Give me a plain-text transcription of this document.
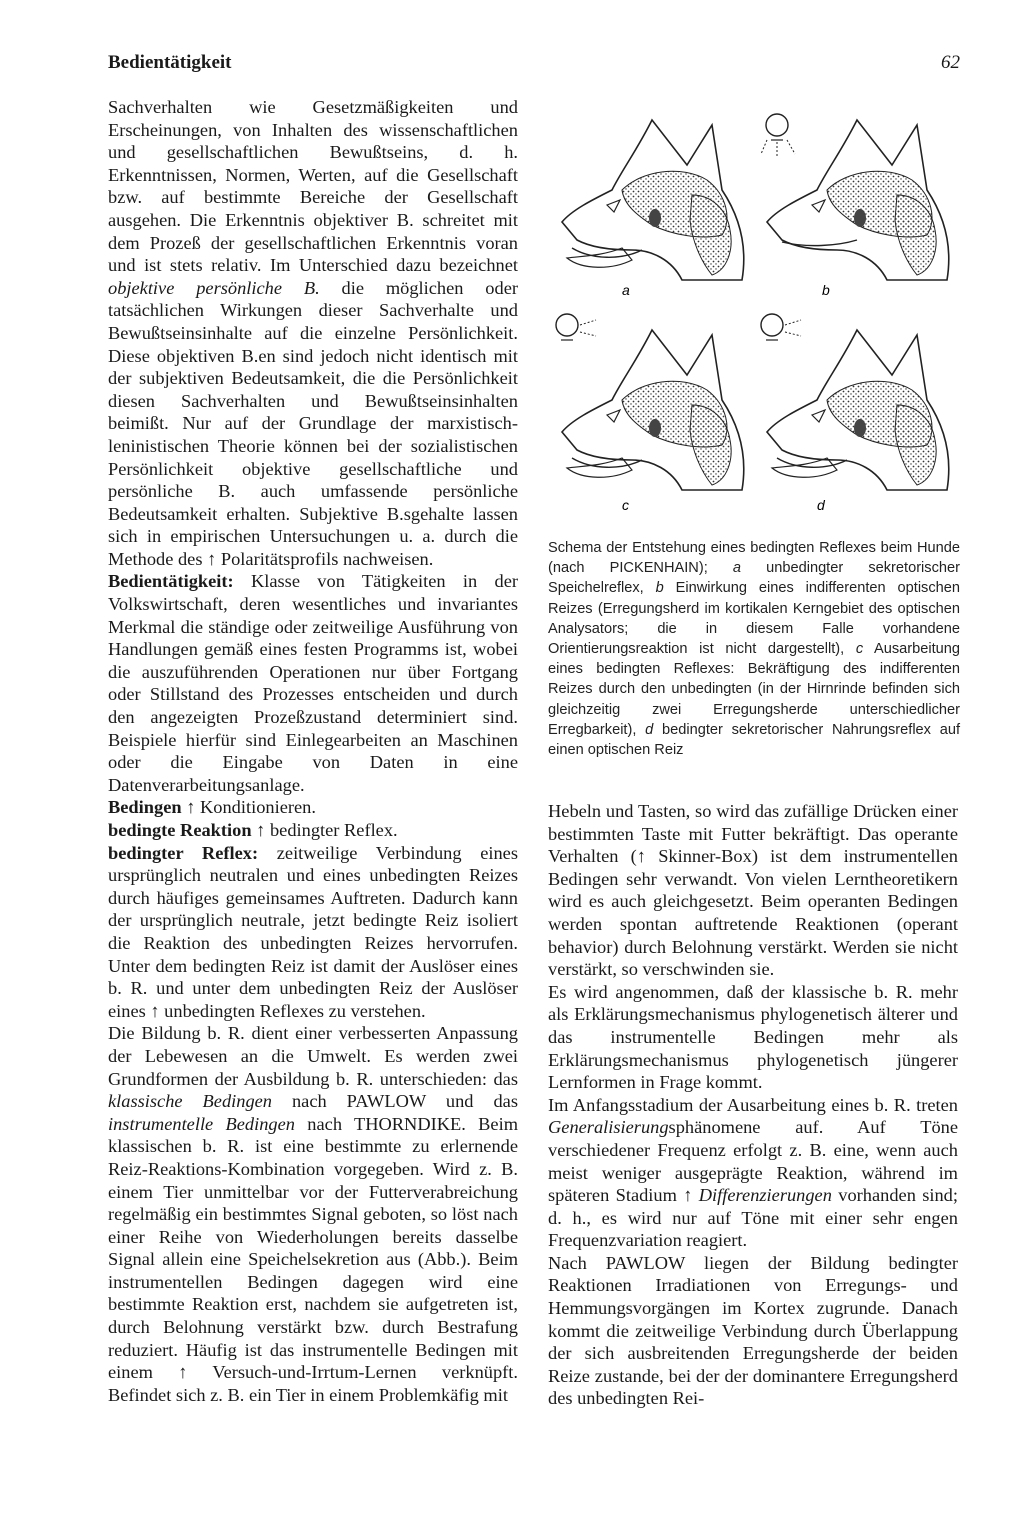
Bedientätigkeit	62

Sachverhalten wie Gesetzmäßigkeiten und Erscheinungen, von Inhalten des wissenschaftlichen und gesellschaftlichen Bewußtseins, d. h. Erkenntnissen, Normen, Werten, auf die Gesellschaft bzw. auf bestimmte Bereiche der Gesellschaft ausgehen. Die Erkenntnis objektiver B. schreitet mit dem Prozeß der gesellschaftlichen Erkenntnis voran und ist stets relativ. Im Unterschied dazu bezeichnet objektive persönliche B. die möglichen oder tatsächlichen Wirkungen dieser Sachverhalte und Bewußtseinsinhalte auf die einzelne Persönlichkeit. Diese objektiven B.en sind jedoch nicht identisch mit der subjektiven Bedeutsamkeit, die die Persönlichkeit diesen Sachverhalten und Bewußtseinsinhalten beimißt. Nur auf der Grundlage der marxistisch-leninistischen Theorie können bei der sozialistischen Persönlichkeit objektive gesellschaftliche und persönliche B. auch umfassende persönliche Bedeutsamkeit erhalten. Subjektive B.sgehalte lassen sich in empirischen Untersuchungen u. a. durch die Methode des ↑ Polaritätsprofils nachweisen.

Bedientätigkeit: Klasse von Tätigkeiten in der Volkswirtschaft, deren wesentliches und invariantes Merkmal die ständige oder zeitweilige Ausführung von Handlungen gemäß eines festen Programms ist, wobei die auszuführenden Operationen nur über Fortgang oder Stillstand des Prozesses entscheiden und durch den angezeigten Prozeßzustand determiniert sind. Beispiele hierfür sind Einlegearbeiten an Maschinen oder die Eingabe von Daten in eine Datenverarbeitungsanlage.

Bedingen ↑ Konditionieren.

bedingte Reaktion ↑ bedingter Reflex.

bedingter Reflex: zeitweilige Verbindung eines ursprünglich neutralen und eines unbedingten Reizes durch häufiges gemeinsames Auftreten. Dadurch kann der ursprünglich neutrale, jetzt bedingte Reiz isoliert die Reaktion des unbedingten Reizes hervorrufen. Unter dem bedingten Reiz ist damit der Auslöser eines b. R. und unter dem unbedingten Reiz der Auslöser eines ↑ unbedingten Reflexes zu verstehen.

Die Bildung b. R. dient einer verbesserten Anpassung der Lebewesen an die Umwelt. Es werden zwei Grundformen der Ausbildung b. R. unterschieden: das klassische Bedingen nach PAWLOW und das instrumentelle Bedingen nach THORNDIKE. Beim klassischen b. R. ist eine bestimmte zu erlernende Reiz-Reaktions-Kombination vorgegeben. Wird z. B. einem Tier unmittelbar vor der Futterverabreichung regelmäßig ein bestimmtes Signal geboten, so löst nach einer Reihe von Wiederholungen bereits dasselbe Signal allein eine Speichelsekretion aus (Abb.). Beim instrumentellen Bedingen dagegen wird eine bestimmte Reaktion erst, nachdem sie aufgetreten ist, durch Belohnung verstärkt bzw. durch Bestrafung reduziert. Häufig ist das instrumentelle Bedingen mit einem ↑ Versuch-und-Irrtum-Lernen verknüpft. Befindet sich z. B. ein Tier in einem Problemkäfig mit

a	b
c	d
Schema der Entstehung eines bedingten Reflexes beim Hunde (nach PICKENHAIN); a unbedingter sekretorischer Speichelreflex, b Einwirkung eines indifferenten optischen Reizes (Erregungsherd im kortikalen Kerngebiet des optischen Analysators; die in diesem Falle vorhandene Orientierungsreaktion ist nicht dargestellt), c Ausarbeitung eines bedingten Reflexes: Bekräftigung des indifferenten Reizes durch den unbedingten (in der Hirnrinde befinden sich gleichzeitig zwei Erregungsherde unterschiedlicher Erregbarkeit), d bedingter sekretorischer Nahrungsreflex auf einen optischen Reiz

Hebeln und Tasten, so wird das zufällige Drücken einer bestimmten Taste mit Futter bekräftigt. Das operante Verhalten (↑ Skinner-Box) ist dem instrumentellen Bedingen sehr verwandt. Von vielen Lerntheoretikern wird es auch gleichgesetzt. Beim operanten Bedingen werden spontan auftretende Reaktionen (operant behavior) durch Belohnung verstärkt. Werden sie nicht verstärkt, so verschwinden sie.

Es wird angenommen, daß der klassische b. R. mehr als Erklärungsmechanismus phylogenetisch älterer und das instrumentelle Bedingen mehr als Erklärungsmechanismus phylogenetisch jüngerer Lernformen in Frage kommt.

Im Anfangsstadium der Ausarbeitung eines b. R. treten Generalisierungsphänomene auf. Auf Töne verschiedener Frequenz erfolgt z. B. eine, wenn auch meist weniger ausgeprägte Reaktion, während im späteren Stadium ↑ Differenzierungen vorhanden sind; d. h., es wird nur auf Töne mit einer sehr engen Frequenzvariation reagiert.

Nach PAWLOW liegen der Bildung bedingter Reaktionen Irradiationen von Erregungs- und Hemmungsvorgängen im Kortex zugrunde. Danach kommt die zeitweilige Verbindung durch Überlappung der sich ausbreitenden Erregungsherde der beiden Reize zustande, bei der der dominantere Erregungsherd des unbedingten Rei-
